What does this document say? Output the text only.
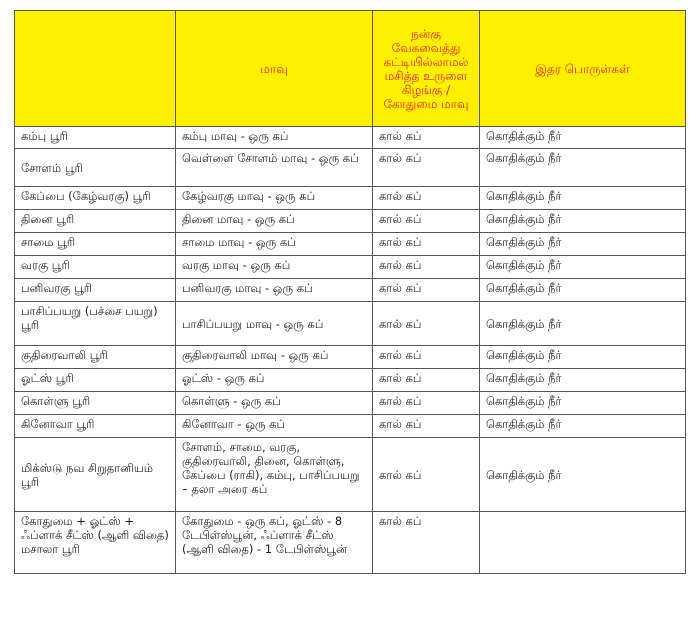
	மாவு	நன்கு வேகவைத்து கட்டியில்லாமல் மசித்த உருளை கிழங்கு / கோதுமை மாவு	இதர பொருள்கள்
கம்பு பூரி	கம்பு மாவு - ஒரு கப்	கால் கப்	கொதிக்கும் நீர்
சோளம் பூரி	வெள்ளை சோளம் மாவு - ஒரு கப்	கால் கப்	கொதிக்கும் நீர்
கேப்பை (கேழ்வரகு) பூரி	கேழ்வரகு மாவு - ஒரு கப்	கால் கப்	கொதிக்கும் நீர்
தினை பூரி	தினை மாவு - ஒரு கப்	கால் கப்	கொதிக்கும் நீர்
சாமை பூரி	சாமை மாவு - ஒரு கப்	கால் கப்	கொதிக்கும் நீர்
வரகு பூரி	வரகு மாவு - ஒரு கப்	கால் கப்	கொதிக்கும் நீர்
பனிவரகு பூரி	பனிவரகு மாவு - ஒரு கப்	கால் கப்	கொதிக்கும் நீர்
பாசிப்பயறு (பச்சை பயறு) பூரி	பாசிப்பயறு மாவு - ஒரு கப்	கால் கப்	கொதிக்கும் நீர்
குதிரைவாலி பூரி	குதிரைவாலி மாவு - ஒரு கப்	கால் கப்	கொதிக்கும் நீர்
ஓட்ஸ் பூரி	ஓட்ஸ் - ஒரு கப்	கால் கப்	கொதிக்கும் நீர்
கொள்ளு பூரி	கொள்ளு - ஒரு கப்	கால் கப்	கொதிக்கும் நீர்
கினோவா பூரி	கினோவா - ஒரு கப்	கால் கப்	கொதிக்கும் நீர்
மிக்ஸ்டு நவ சிறுதானியம் பூரி	சோளம், சாமை, வரகு, குதிரைவாலி, தினை, கொள்ளு, கேப்பை (ராகி), கம்பு, பாசிப்பயறு – தலா அரை கப்	கால் கப்	கொதிக்கும் நீர்
கோதுமை + ஓட்ஸ் + ஃப்ளாக் சீட்ஸ் (ஆளி விதை) மசாலா பூரி	கோதுமை - ஒரு கப், ஓட்ஸ் - 8 டேபிள்ஸ்பூன், ஃப்ளாக் சீட்ஸ் (ஆளி விதை) - 1 டேபிள்ஸ்பூன்	கால் கப்	
